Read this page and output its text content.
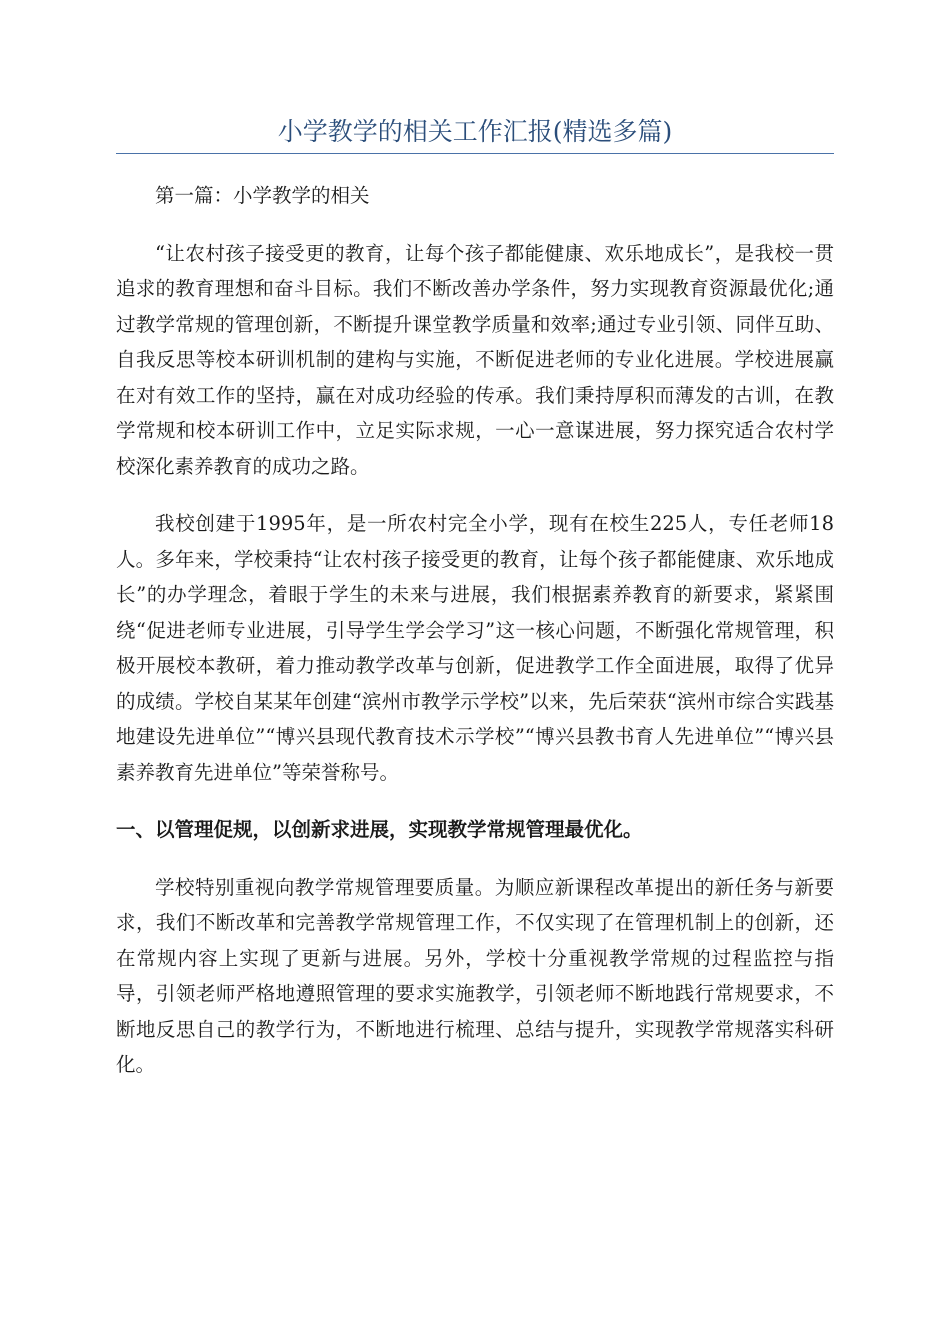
小学教学的相关工作汇报(精选多篇)

第一篇：小学教学的相关

“让农村孩子接受更的教育，让每个孩子都能健康、欢乐地成长”，是我校一贯追求的教育理想和奋斗目标。我们不断改善办学条件，努力实现教育资源最优化;通过教学常规的管理创新，不断提升课堂教学质量和效率;通过专业引领、同伴互助、自我反思等校本研训机制的建构与实施，不断促进老师的专业化进展。学校进展赢在对有效工作的坚持，赢在对成功经验的传承。我们秉持厚积而薄发的古训，在教学常规和校本研训工作中，立足实际求规，一心一意谋进展，努力探究适合农村学校深化素养教育的成功之路。

我校创建于1995年，是一所农村完全小学，现有在校生225人，专任老师18人。多年来，学校秉持“让农村孩子接受更的教育，让每个孩子都能健康、欢乐地成长”的办学理念，着眼于学生的未来与进展，我们根据素养教育的新要求，紧紧围绕“促进老师专业进展，引导学生学会学习”这一核心问题，不断强化常规管理，积极开展校本教研，着力推动教学改革与创新，促进教学工作全面进展，取得了优异的成绩。学校自某某年创建“滨州市教学示学校”以来，先后荣获“滨州市综合实践基地建设先进单位”“博兴县现代教育技术示学校”“博兴县教书育人先进单位”“博兴县素养教育先进单位”等荣誉称号。

一、以管理促规，以创新求进展，实现教学常规管理最优化。

学校特别重视向教学常规管理要质量。为顺应新课程改革提出的新任务与新要求，我们不断改革和完善教学常规管理工作，不仅实现了在管理机制上的创新，还在常规内容上实现了更新与进展。另外，学校十分重视教学常规的过程监控与指导，引领老师严格地遵照管理的要求实施教学，引领老师不断地践行常规要求，不断地反思自己的教学行为，不断地进行梳理、总结与提升，实现教学常规落实科研化。
